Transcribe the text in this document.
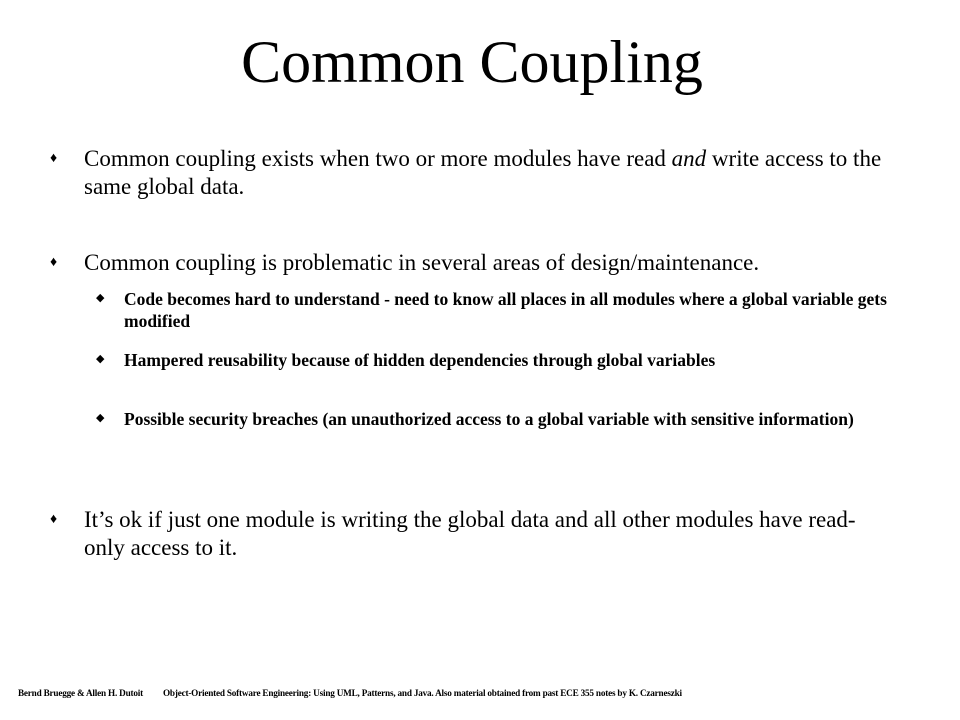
Common Coupling
♦ Common coupling exists when two or more modules have read and write access to the same global data.
♦ Common coupling is problematic in several areas of design/maintenance.
◆ Code becomes hard to understand - need to know all places in all modules where a global variable gets modified
◆ Hampered reusability because of hidden dependencies through global variables
◆ Possible security breaches (an unauthorized access to a global variable with sensitive information)
♦ It’s ok if just one module is writing the global data and all other modules have read-only access to it.
Bernd Bruegge & Allen H. Dutoit Object-Oriented Software Engineering: Using UML, Patterns, and Java. Also material obtained from past ECE 355 notes by K. Czarneszki
